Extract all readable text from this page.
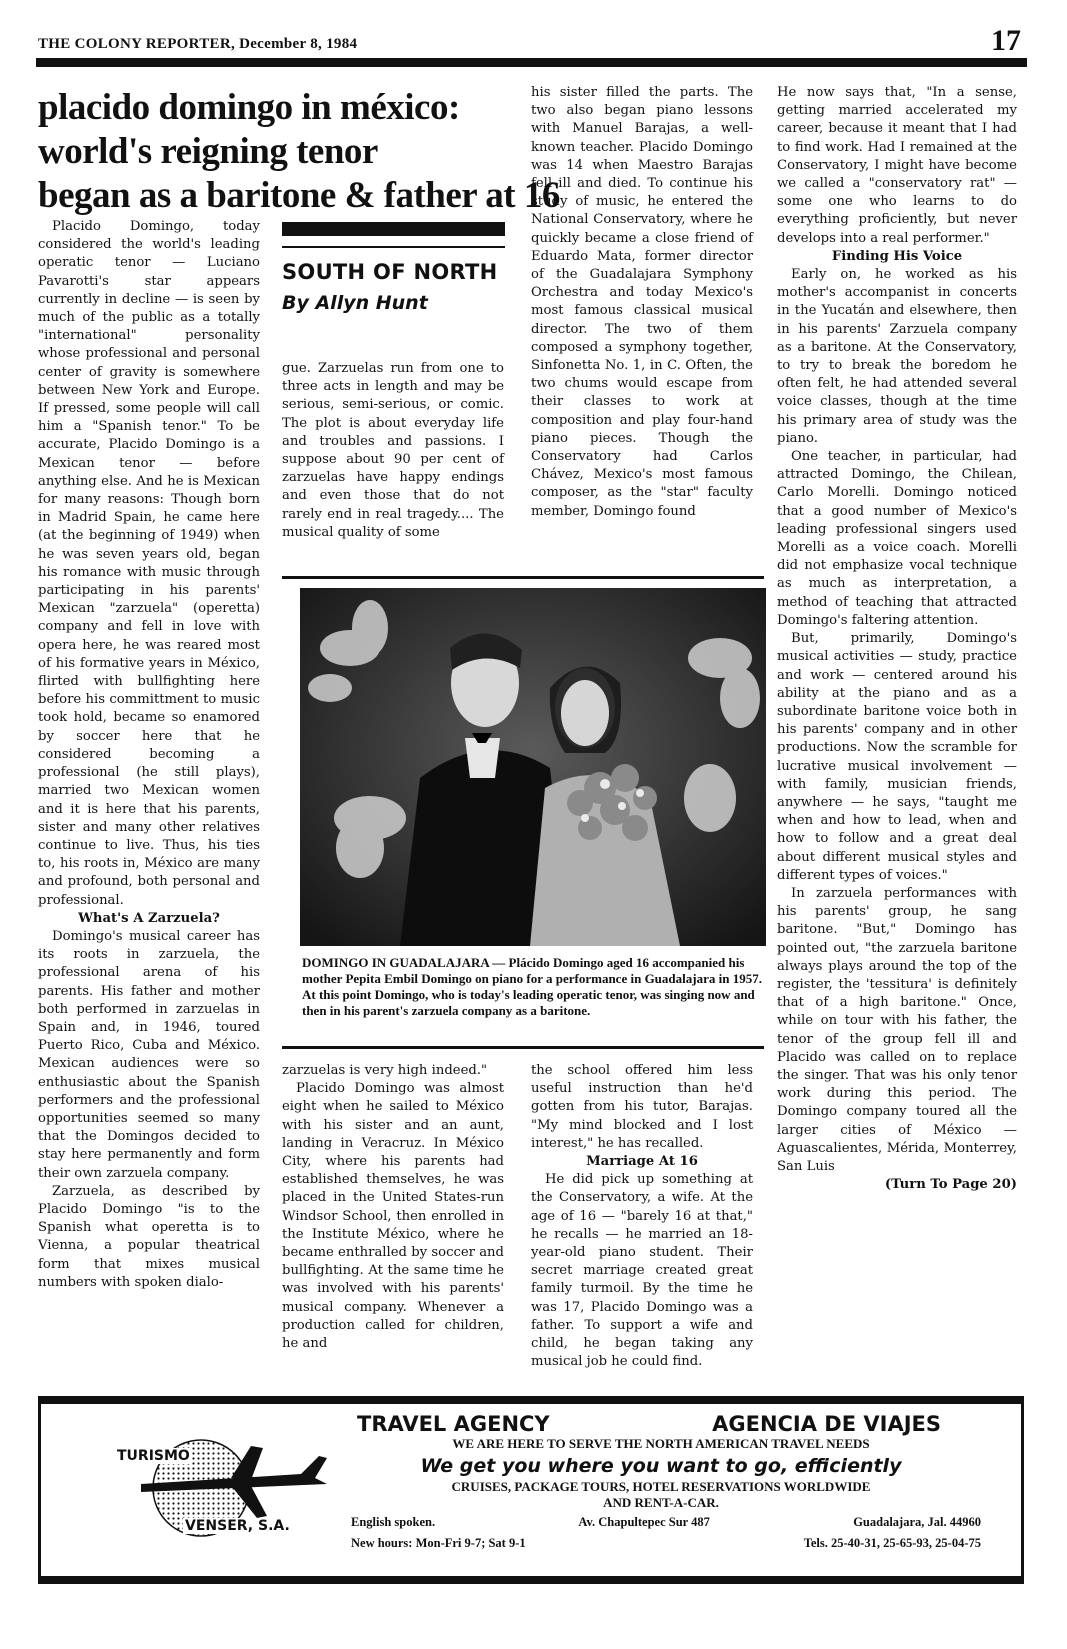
THE COLONY REPORTER, December 8, 1984	17
placido domingo in méxico:
world's reigning tenor
began as a baritone & father at 16

Placido Domingo, today considered the world's leading operatic tenor — Luciano Pavarotti's star appears currently in decline — is seen by much of the public as a totally "international" personality whose professional and personal center of gravity is somewhere between New York and Europe. If pressed, some people will call him a "Spanish tenor." To be accurate, Placido Domingo is a Mexican tenor — before anything else. And he is Mexican for many reasons: Though born in Madrid Spain, he came here (at the beginning of 1949) when he was seven years old, began his romance with music through participating in his parents' Mexican "zarzuela" (operetta) company and fell in love with opera here, he was reared most of his formative years in México, flirted with bullfighting here before his committment to music took hold, became so enamored by soccer here that he considered becoming a professional (he still plays), married two Mexican women and it is here that his parents, sister and many other relatives continue to live. Thus, his ties to, his roots in, México are many and profound, both personal and professional.

What's A Zarzuela?

Domingo's musical career has its roots in zarzuela, the professional arena of his parents. His father and mother both performed in zarzuelas in Spain and, in 1946, toured Puerto Rico, Cuba and México. Mexican audiences were so enthusiastic about the Spanish performers and the professional opportunities seemed so many that the Domingos decided to stay here permanently and form their own zarzuela company.

Zarzuela, as described by Placido Domingo "is to the Spanish what operetta is to Vienna, a popular theatrical form that mixes musical numbers with spoken dialo-

SOUTH OF NORTH
By Allyn Hunt

gue. Zarzuelas run from one to three acts in length and may be serious, semi-serious, or comic. The plot is about everyday life and troubles and passions. I suppose about 90 per cent of zarzuelas have happy endings and even those that do not rarely end in real tragedy.... The musical quality of some

his sister filled the parts. The two also began piano lessons with Manuel Barajas, a well-known teacher. Placido Domingo was 14 when Maestro Barajas fell ill and died. To continue his study of music, he entered the National Conservatory, where he quickly became a close friend of Eduardo Mata, former director of the Guadalajara Symphony Orchestra and today Mexico's most famous classical musical director. The two of them composed a symphony together, Sinfonetta No. 1, in C. Often, the two chums would escape from their classes to work at composition and play four-hand piano pieces. Though the Conservatory had Carlos Chávez, Mexico's most famous composer, as the "star" faculty member, Domingo found

DOMINGO IN GUADALAJARA — Plácido Domingo aged 16 accompanied his mother Pepita Embil Domingo on piano for a performance in Guadalajara in 1957. At this point Domingo, who is today's leading operatic tenor, was singing now and then in his parent's zarzuela company as a baritone.

zarzuelas is very high indeed."

Placido Domingo was almost eight when he sailed to México with his sister and an aunt, landing in Veracruz. In México City, where his parents had established themselves, he was placed in the United States-run Windsor School, then enrolled in the Institute México, where he became enthralled by soccer and bullfighting. At the same time he was involved with his parents' musical company. Whenever a production called for children, he and

the school offered him less useful instruction than he'd gotten from his tutor, Barajas. "My mind blocked and I lost interest," he has recalled.

Marriage At 16

He did pick up something at the Conservatory, a wife. At the age of 16 — "barely 16 at that," he recalls — he married an 18-year-old piano student. Their secret marriage created great family turmoil. By the time he was 17, Placido Domingo was a father. To support a wife and child, he began taking any musical job he could find.

He now says that, "In a sense, getting married accelerated my career, because it meant that I had to find work. Had I remained at the Conservatory, I might have become we called a "conservatory rat" — some one who learns to do everything proficiently, but never develops into a real performer."

Finding His Voice

Early on, he worked as his mother's accompanist in concerts in the Yucatán and elsewhere, then in his parents' Zarzuela company as a baritone. At the Conservatory, to try to break the boredom he often felt, he had attended several voice classes, though at the time his primary area of study was the piano.

One teacher, in particular, had attracted Domingo, the Chilean, Carlo Morelli. Domingo noticed that a good number of Mexico's leading professional singers used Morelli as a voice coach. Morelli did not emphasize vocal technique as much as interpretation, a method of teaching that attracted Domingo's faltering attention.

But, primarily, Domingo's musical activities — study, practice and work — centered around his ability at the piano and as a subordinate baritone voice both in his parents' company and in other productions. Now the scramble for lucrative musical involvement — with family, musician friends, anywhere — he says, "taught me when and how to lead, when and how to follow and a great deal about different musical styles and different types of voices."

In zarzuela performances with his parents' group, he sang baritone. "But," Domingo has pointed out, "the zarzuela baritone always plays around the top of the register, the 'tessitura' is definitely that of a high baritone." Once, while on tour with his father, the tenor of the group fell ill and Placido was called on to replace the singer. That was his only tenor work during this period. The Domingo company toured all the larger cities of México — Aguascalientes, Mérida, Monterrey, San Luis

(Turn To Page 20)

TURISMO
VENSER, S.A.
TRAVEL AGENCY	AGENCIA DE VIAJES
WE ARE HERE TO SERVE THE NORTH AMERICAN TRAVEL NEEDS
We get you where you want to go, efficiently
CRUISES, PACKAGE TOURS, HOTEL RESERVATIONS WORLDWIDE
AND RENT-A-CAR.
English spoken.	Av. Chapultepec Sur 487	Guadalajara, Jal. 44960
New hours: Mon-Fri 9-7; Sat 9-1	Tels. 25-40-31, 25-65-93, 25-04-75
